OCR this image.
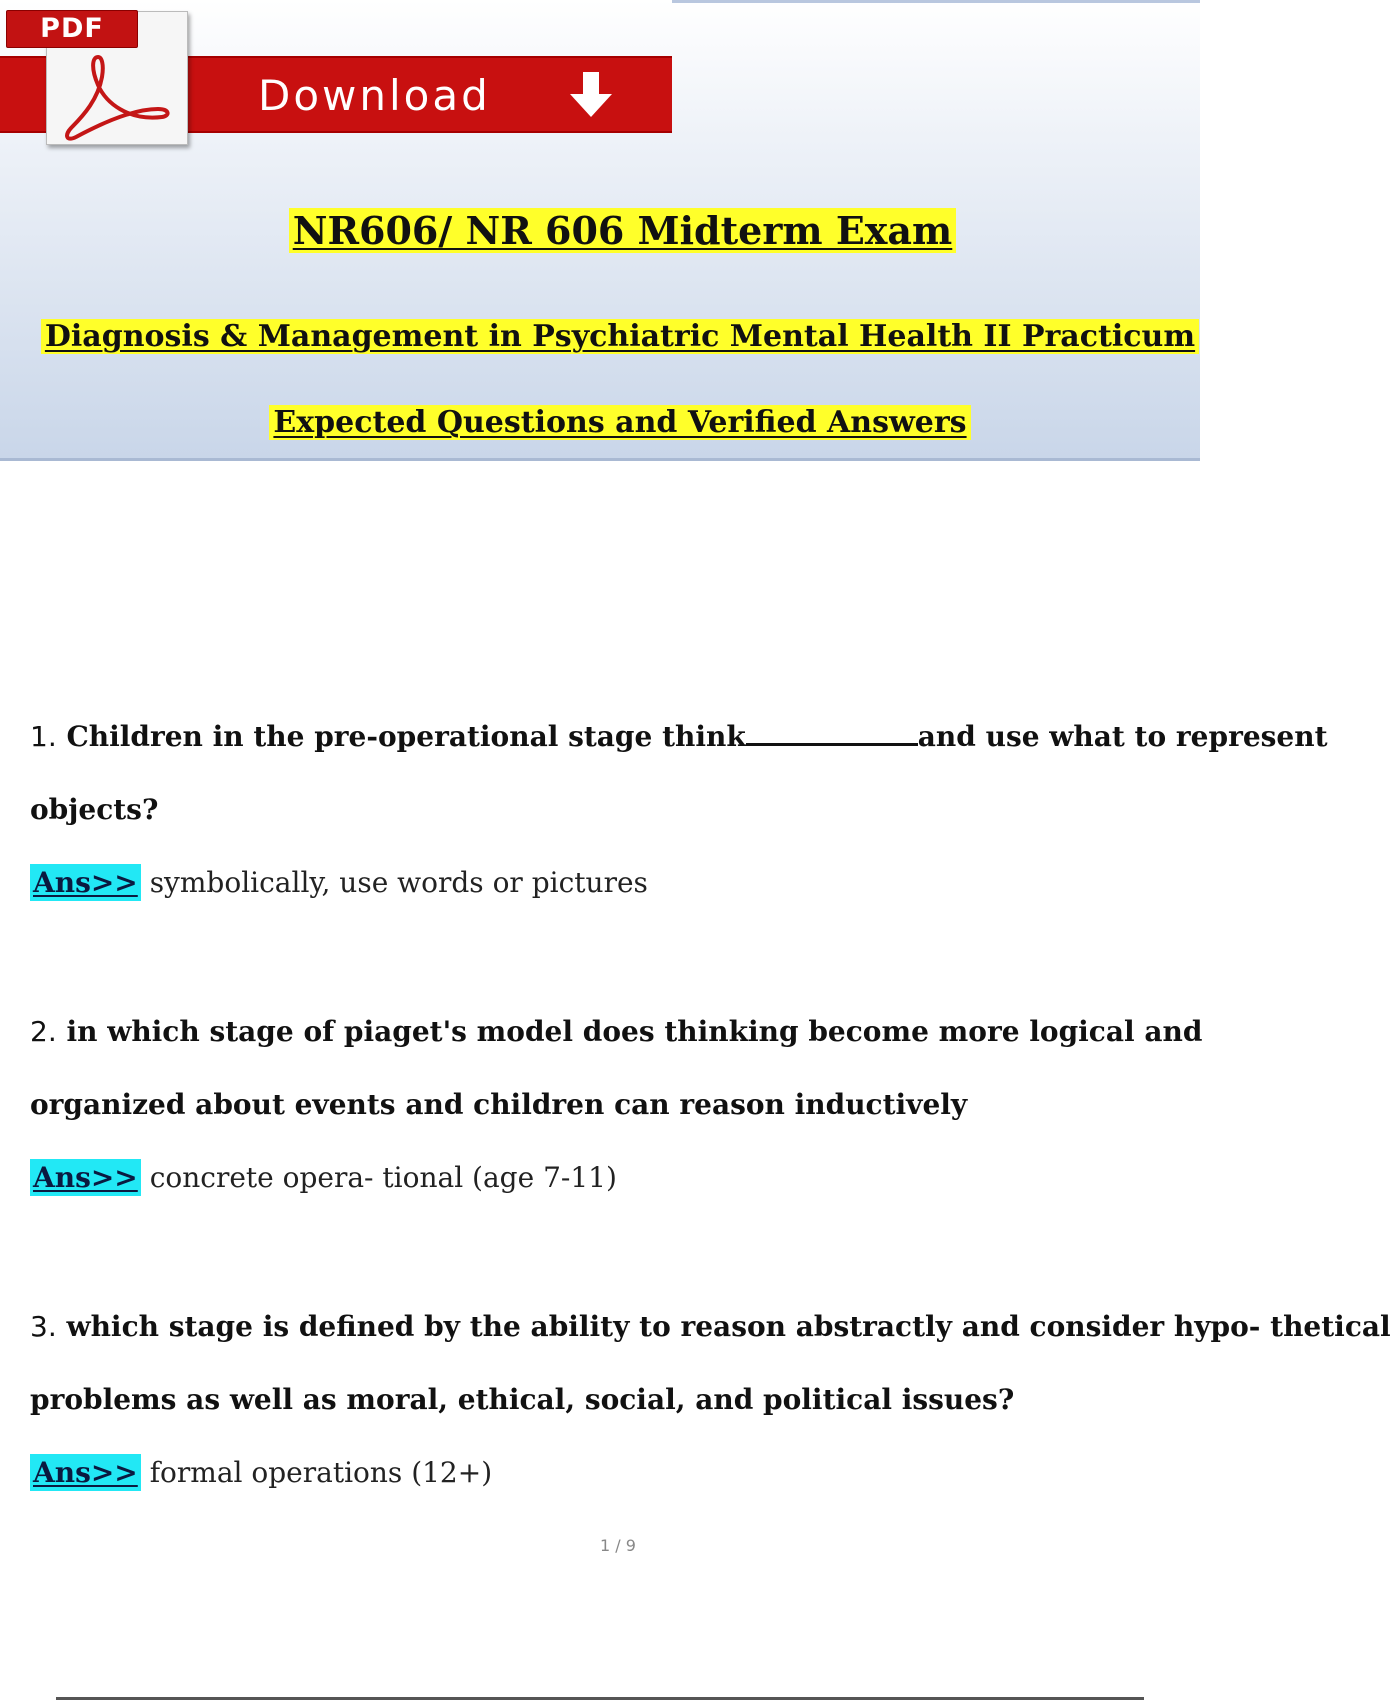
Download
PDF
NR606/ NR 606 Midterm Exam
Diagnosis & Management in Psychiatric Mental Health II Practicum
Expected Questions and Verified Answers
1. Children in the pre-operational stage think	and use what to represent
objects?
Ans>> symbolically, use words or pictures
2. in which stage of piaget's model does thinking become more logical and
organized about events and children can reason inductively
Ans>> concrete opera- tional (age 7-11)
3. which stage is defined by the ability to reason abstractly and consider hypo- thetical
problems as well as moral, ethical, social, and political issues?
Ans>> formal operations (12+)
1 / 9
